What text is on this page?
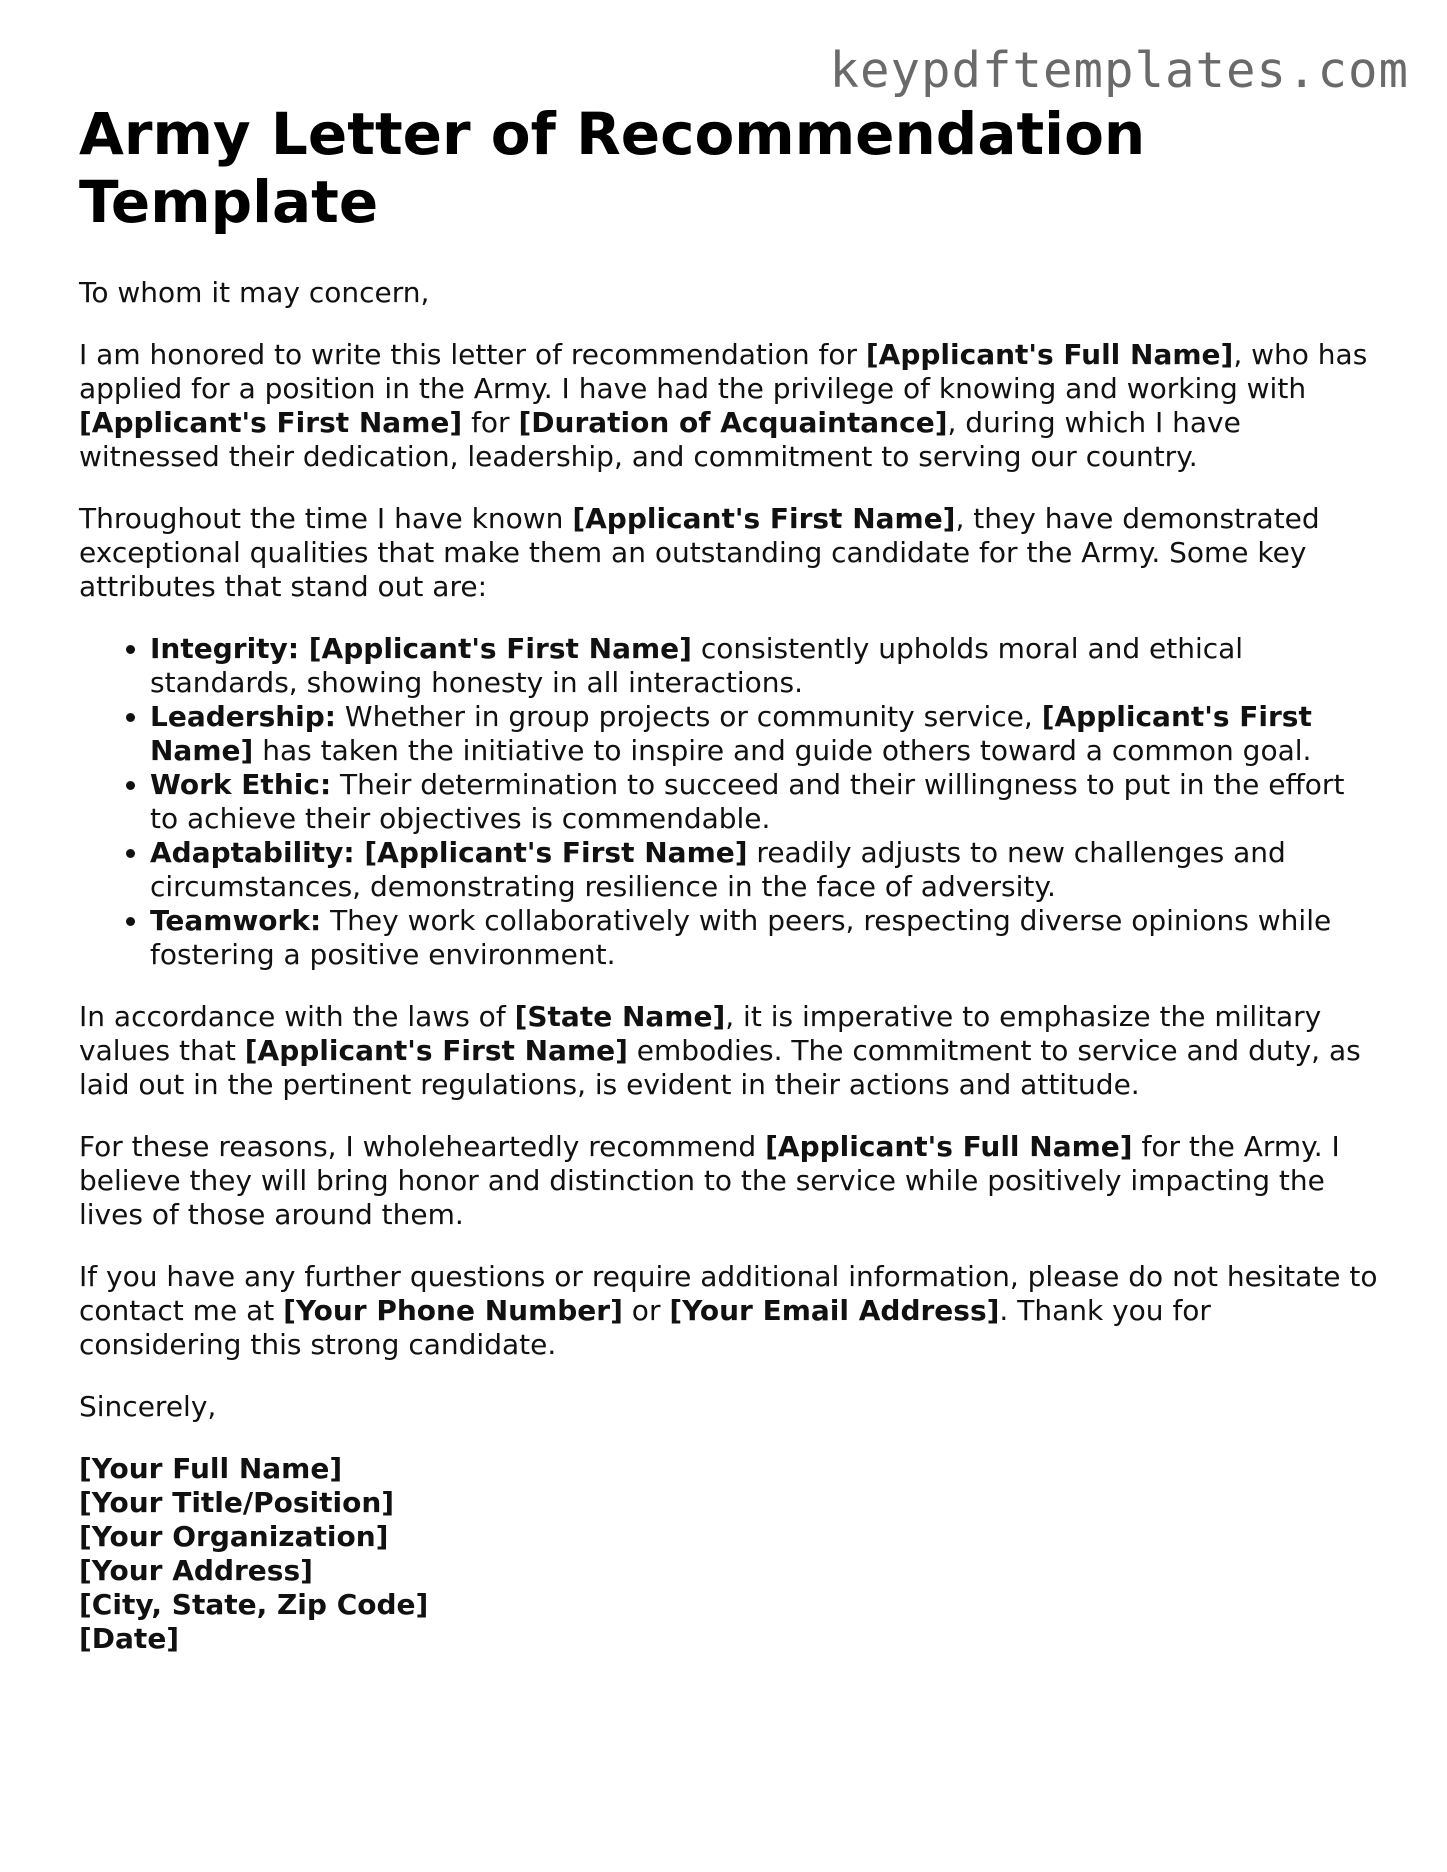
keypdftemplates.com

Army Letter of Recommendation Template

To whom it may concern,

I am honored to write this letter of recommendation for [Applicant's Full Name], who has applied for a position in the Army. I have had the privilege of knowing and working with [Applicant's First Name] for [Duration of Acquaintance], during which I have witnessed their dedication, leadership, and commitment to serving our country.

Throughout the time I have known [Applicant's First Name], they have demonstrated exceptional qualities that make them an outstanding candidate for the Army. Some key attributes that stand out are:

• Integrity: [Applicant's First Name] consistently upholds moral and ethical standards, showing honesty in all interactions.
• Leadership: Whether in group projects or community service, [Applicant's First Name] has taken the initiative to inspire and guide others toward a common goal.
• Work Ethic: Their determination to succeed and their willingness to put in the effort to achieve their objectives is commendable.
• Adaptability: [Applicant's First Name] readily adjusts to new challenges and circumstances, demonstrating resilience in the face of adversity.
• Teamwork: They work collaboratively with peers, respecting diverse opinions while fostering a positive environment.

In accordance with the laws of [State Name], it is imperative to emphasize the military values that [Applicant's First Name] embodies. The commitment to service and duty, as laid out in the pertinent regulations, is evident in their actions and attitude.

For these reasons, I wholeheartedly recommend [Applicant's Full Name] for the Army. I believe they will bring honor and distinction to the service while positively impacting the lives of those around them.

If you have any further questions or require additional information, please do not hesitate to contact me at [Your Phone Number] or [Your Email Address]. Thank you for considering this strong candidate.

Sincerely,

[Your Full Name]
[Your Title/Position]
[Your Organization]
[Your Address]
[City, State, Zip Code]
[Date]
